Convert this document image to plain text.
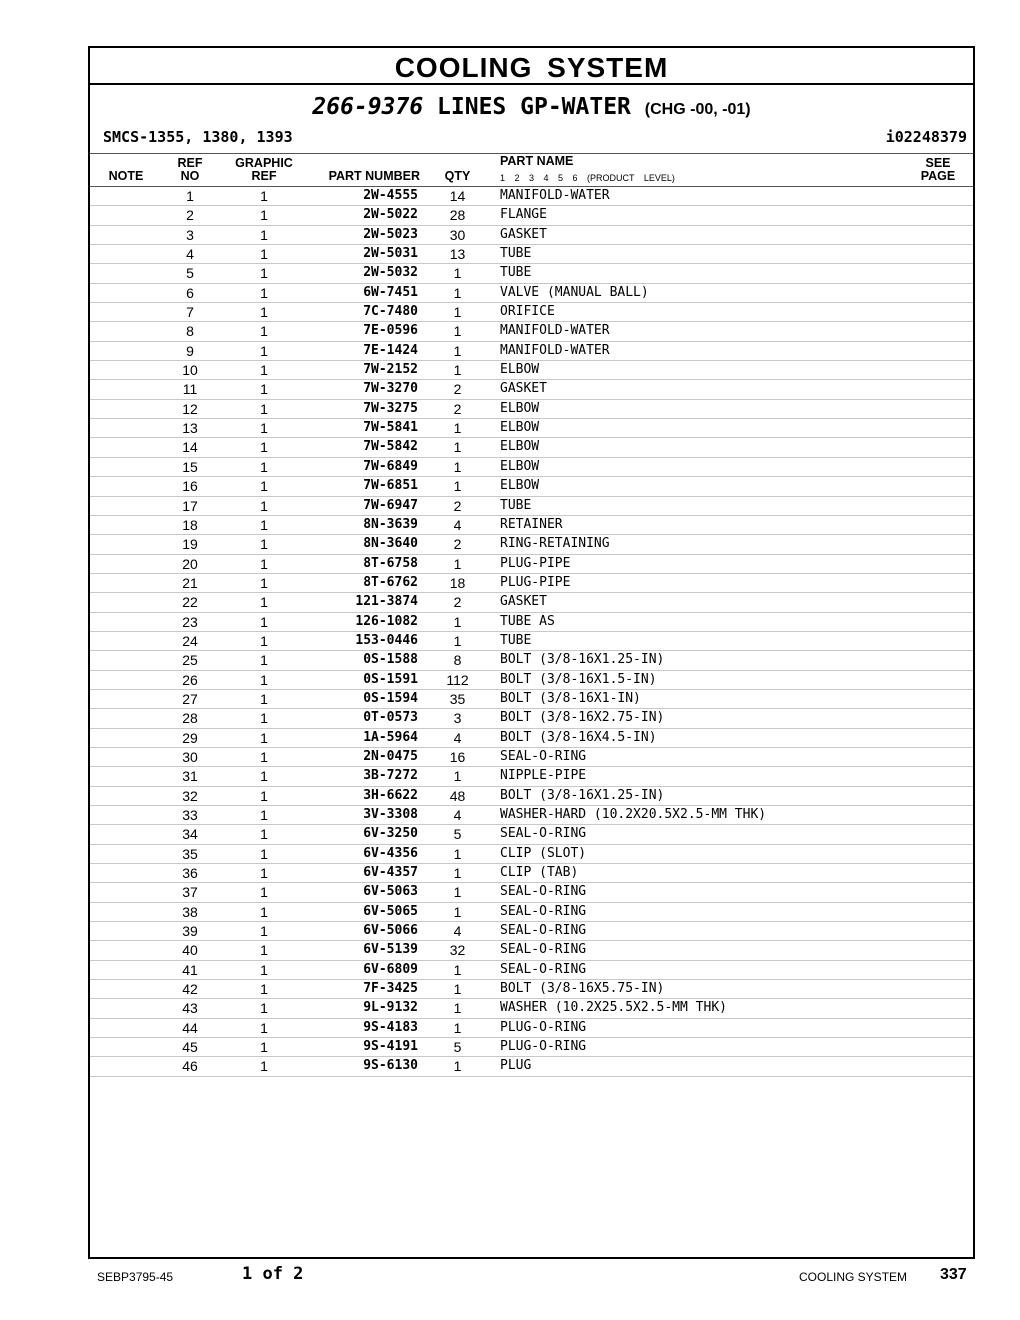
COOLING SYSTEM
266-9376 LINES GP-WATER (CHG -00, -01)
SMCS-1355, 1380, 1393	i02248379
NOTE
REF
NO
GRAPHIC
REF	PART NUMBER	QTY
PART NAME
1 2 3 4 5 6 (PRODUCT LEVEL)
SEE
PAGE
1	1	2W-4555	14	MANIFOLD-WATER
2	1	2W-5022	28	FLANGE
3	1	2W-5023	30	GASKET
4	1	2W-5031	13	TUBE
5	1	2W-5032	1	TUBE
6	1	6W-7451	1	VALVE (MANUAL BALL)
7	1	7C-7480	1	ORIFICE
8	1	7E-0596	1	MANIFOLD-WATER
9	1	7E-1424	1	MANIFOLD-WATER
10	1	7W-2152	1	ELBOW
11	1	7W-3270	2	GASKET
12	1	7W-3275	2	ELBOW
13	1	7W-5841	1	ELBOW
14	1	7W-5842	1	ELBOW
15	1	7W-6849	1	ELBOW
16	1	7W-6851	1	ELBOW
17	1	7W-6947	2	TUBE
18	1	8N-3639	4	RETAINER
19	1	8N-3640	2	RING-RETAINING
20	1	8T-6758	1	PLUG-PIPE
21	1	8T-6762	18	PLUG-PIPE
22	1	121-3874	2	GASKET
23	1	126-1082	1	TUBE AS
24	1	153-0446	1	TUBE
25	1	0S-1588	8	BOLT (3/8-16X1.25-IN)
26	1	0S-1591	112	BOLT (3/8-16X1.5-IN)
27	1	0S-1594	35	BOLT (3/8-16X1-IN)
28	1	0T-0573	3	BOLT (3/8-16X2.75-IN)
29	1	1A-5964	4	BOLT (3/8-16X4.5-IN)
30	1	2N-0475	16	SEAL-O-RING
31	1	3B-7272	1	NIPPLE-PIPE
32	1	3H-6622	48	BOLT (3/8-16X1.25-IN)
33	1	3V-3308	4	WASHER-HARD (10.2X20.5X2.5-MM THK)
34	1	6V-3250	5	SEAL-O-RING
35	1	6V-4356	1	CLIP (SLOT)
36	1	6V-4357	1	CLIP (TAB)
37	1	6V-5063	1	SEAL-O-RING
38	1	6V-5065	1	SEAL-O-RING
39	1	6V-5066	4	SEAL-O-RING
40	1	6V-5139	32	SEAL-O-RING
41	1	6V-6809	1	SEAL-O-RING
42	1	7F-3425	1	BOLT (3/8-16X5.75-IN)
43	1	9L-9132	1	WASHER (10.2X25.5X2.5-MM THK)
44	1	9S-4183	1	PLUG-O-RING
45	1	9S-4191	5	PLUG-O-RING
46	1	9S-6130	1	PLUG
SEBP3795-45	1 of 2	COOLING SYSTEM 337
